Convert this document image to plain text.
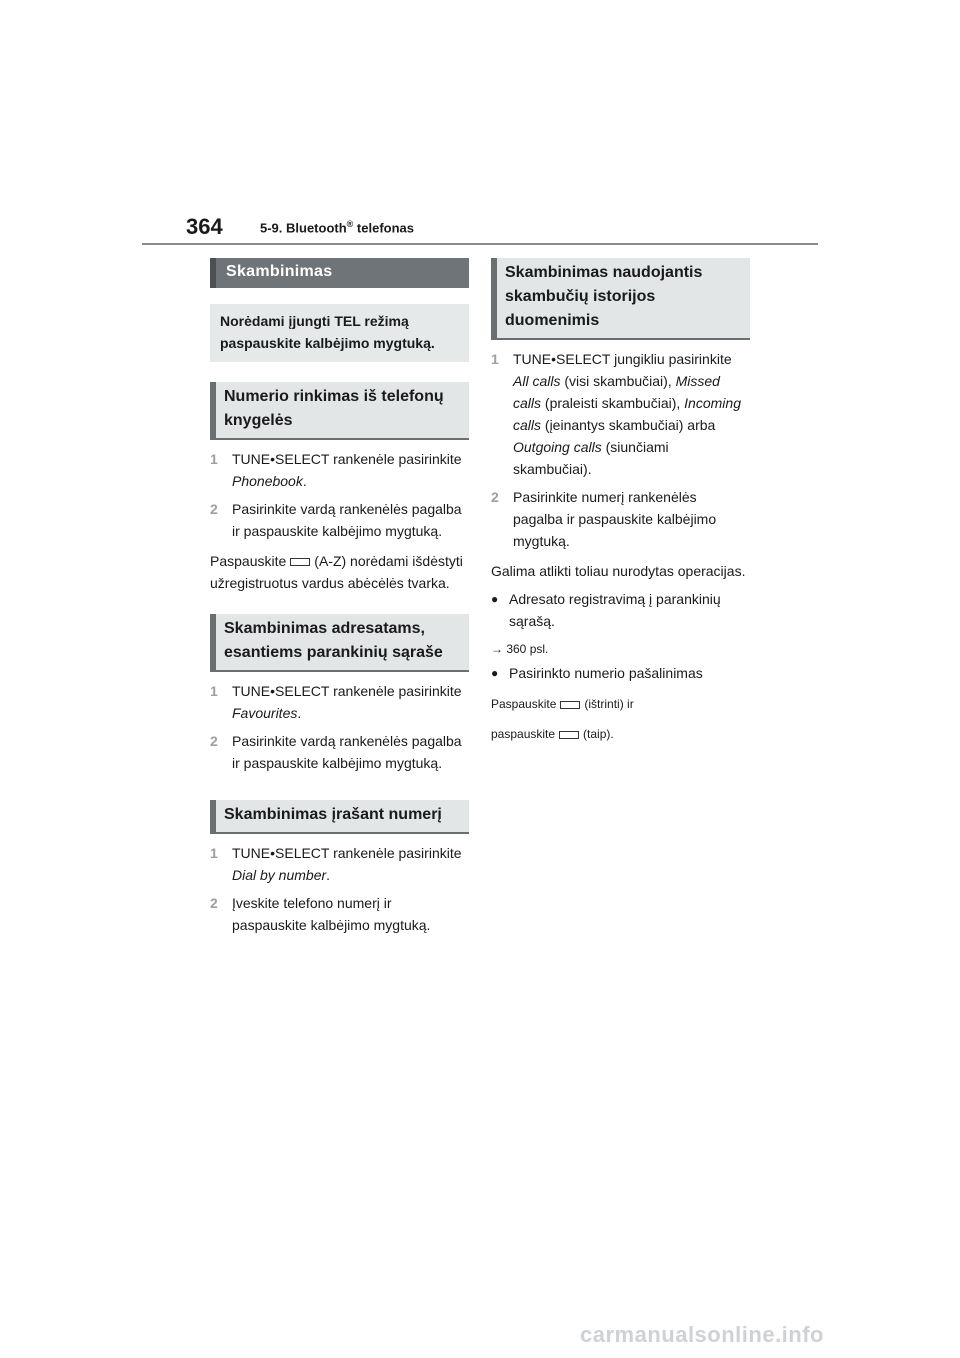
364	5-9. Bluetooth® telefonas
Skambinimas
Norėdami įjungti TEL režimą paspauskite kalbėjimo mygtuką.
Numerio rinkimas iš telefonų knygelės
1	TUNE•SELECT rankenėle pasirinkite Phonebook.
2	Pasirinkite vardą rankenėlės pagalba ir paspauskite kalbėjimo mygtuką.

Paspauskite (A-Z) norėdami išdėstyti užregistruotus vardus abėcėlės tvarka.

Skambinimas adresatams, esantiems parankinių sąraše
1	TUNE•SELECT rankenėle pasirinkite Favourites.
2	Pasirinkite vardą rankenėlės pagalba ir paspauskite kalbėjimo mygtuką.
Skambinimas įrašant numerį
1	TUNE•SELECT rankenėle pasirinkite Dial by number.
2	Įveskite telefono numerį ir paspauskite kalbėjimo mygtuką.
Skambinimas naudojantis skambučių istorijos duomenimis
1	TUNE•SELECT jungikliu pasirinkite All calls (visi skambučiai), Missed calls (praleisti skambučiai), Incoming calls (įeinantys skambučiai) arba Outgoing calls (siunčiami skambučiai).
2	Pasirinkite numerį rankenėlės pagalba ir paspauskite kalbėjimo mygtuką.

Galima atlikti toliau nurodytas operacijas.

● Adresato registravimą į parankinių sąrašą.

→ 360 psl.

● Pasirinkto numerio pašalinimas

Paspauskite (ištrinti) ir

paspauskite (taip).

carmanualsonline.info
